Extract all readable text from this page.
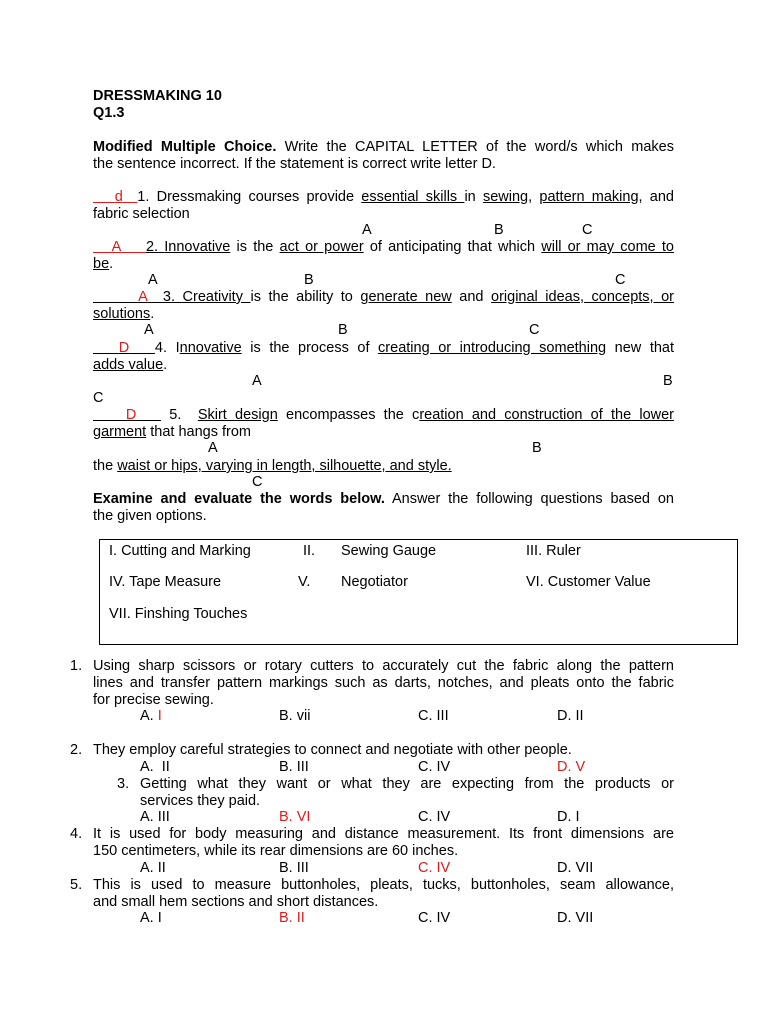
DRESSMAKING 10
Q1.3
Modified Multiple Choice. Write the CAPITAL LETTER of the word/s which makes
the sentence incorrect. If the statement is correct write letter D.
d 1. Dressmaking courses provide essential skills in sewing, pattern making, and
fabric selection
A	B	C
A 2. Innovative is the act or power of anticipating that which will or may come to
be.
A	B	C
A 3. Creativity is the ability to generate new and original ideas, concepts, or
solutions.
A	B	C
D 4. Innovative is the process of creating or introducing something new that
adds value.
A	B
C
D 5. Skirt design encompasses the creation and construction of the lower
garment that hangs from
A	B
the waist or hips, varying in length, silhouette, and style.
C
Examine and evaluate the words below. Answer the following questions based on
the given options.
I. Cutting and Marking	II. Sewing Gauge	III. Ruler
IV. Tape Measure	V. Negotiator	VI. Customer Value
VII. Finshing Touches
1. Using sharp scissors or rotary cutters to accurately cut the fabric along the pattern
lines and transfer pattern markings such as darts, notches, and pleats onto the fabric
for precise sewing.
A. I	B. vii	C. III	D. II
2. They employ careful strategies to connect and negotiate with other people.
A.  II	B. III	C. IV	D. V
3. Getting what they want or what they are expecting from the products or
services they paid.
A. III	B. VI	C. IV	D. I
4. It is used for body measuring and distance measurement. Its front dimensions are
150 centimeters, while its rear dimensions are 60 inches.
A. II	B. III	C. IV	D. VII
5. This is used to measure buttonholes, pleats, tucks, buttonholes, seam allowance,
and small hem sections and short distances.
A. I	B. II	C. IV	D. VII
